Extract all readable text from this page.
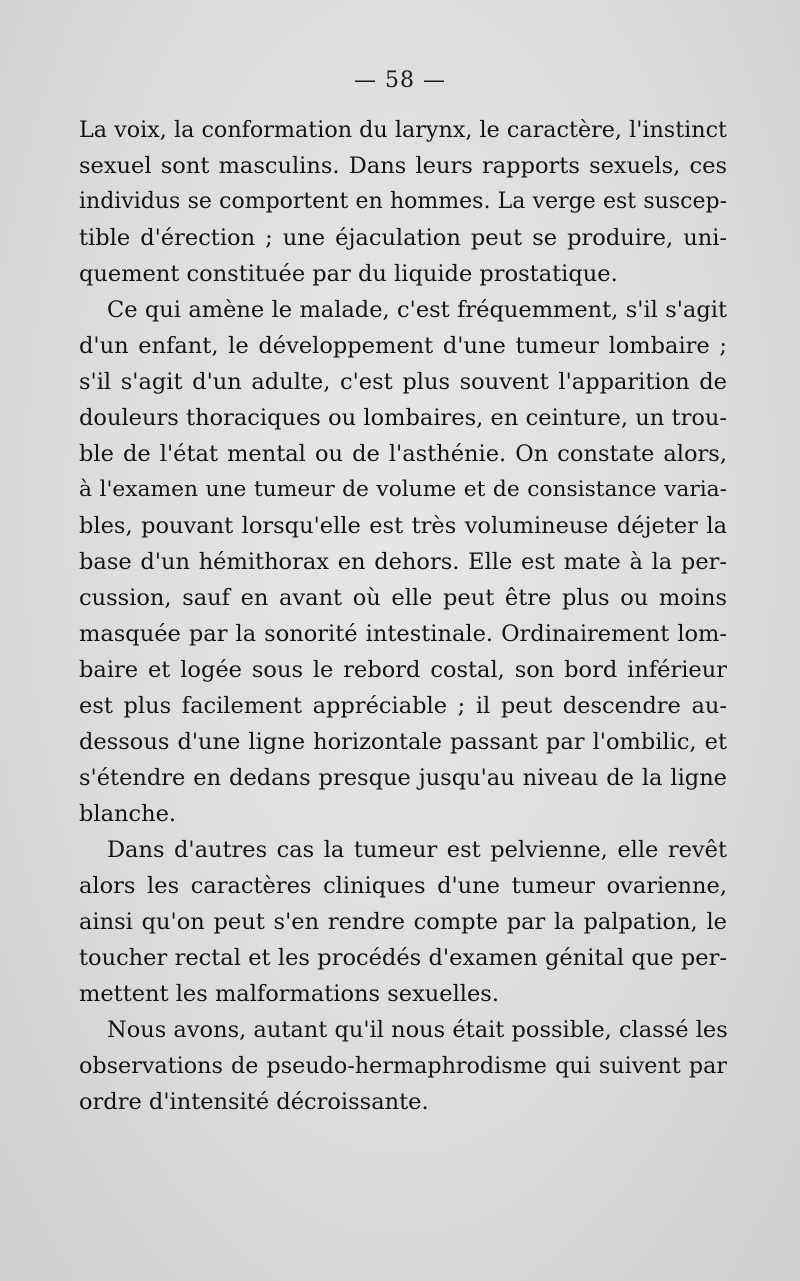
— 58 —
La voix, la conformation du larynx, le caractère, l'instinct
sexuel sont masculins. Dans leurs rapports sexuels, ces
individus se comportent en hommes. La verge est suscep-
tible d'érection ; une éjaculation peut se produire, uni-
quement constituée par du liquide prostatique.
Ce qui amène le malade, c'est fréquemment, s'il s'agit
d'un enfant, le développement d'une tumeur lombaire ;
s'il s'agit d'un adulte, c'est plus souvent l'apparition de
douleurs thoraciques ou lombaires, en ceinture, un trou-
ble de l'état mental ou de l'asthénie. On constate alors,
à l'examen une tumeur de volume et de consistance varia-
bles, pouvant lorsqu'elle est très volumineuse déjeter la
base d'un hémithorax en dehors. Elle est mate à la per-
cussion, sauf en avant où elle peut être plus ou moins
masquée par la sonorité intestinale. Ordinairement lom-
baire et logée sous le rebord costal, son bord inférieur
est plus facilement appréciable ; il peut descendre au-
dessous d'une ligne horizontale passant par l'ombilic, et
s'étendre en dedans presque jusqu'au niveau de la ligne
blanche.
Dans d'autres cas la tumeur est pelvienne, elle revêt
alors les caractères cliniques d'une tumeur ovarienne,
ainsi qu'on peut s'en rendre compte par la palpation, le
toucher rectal et les procédés d'examen génital que per-
mettent les malformations sexuelles.
Nous avons, autant qu'il nous était possible, classé les
observations de pseudo-hermaphrodisme qui suivent par
ordre d'intensité décroissante.
